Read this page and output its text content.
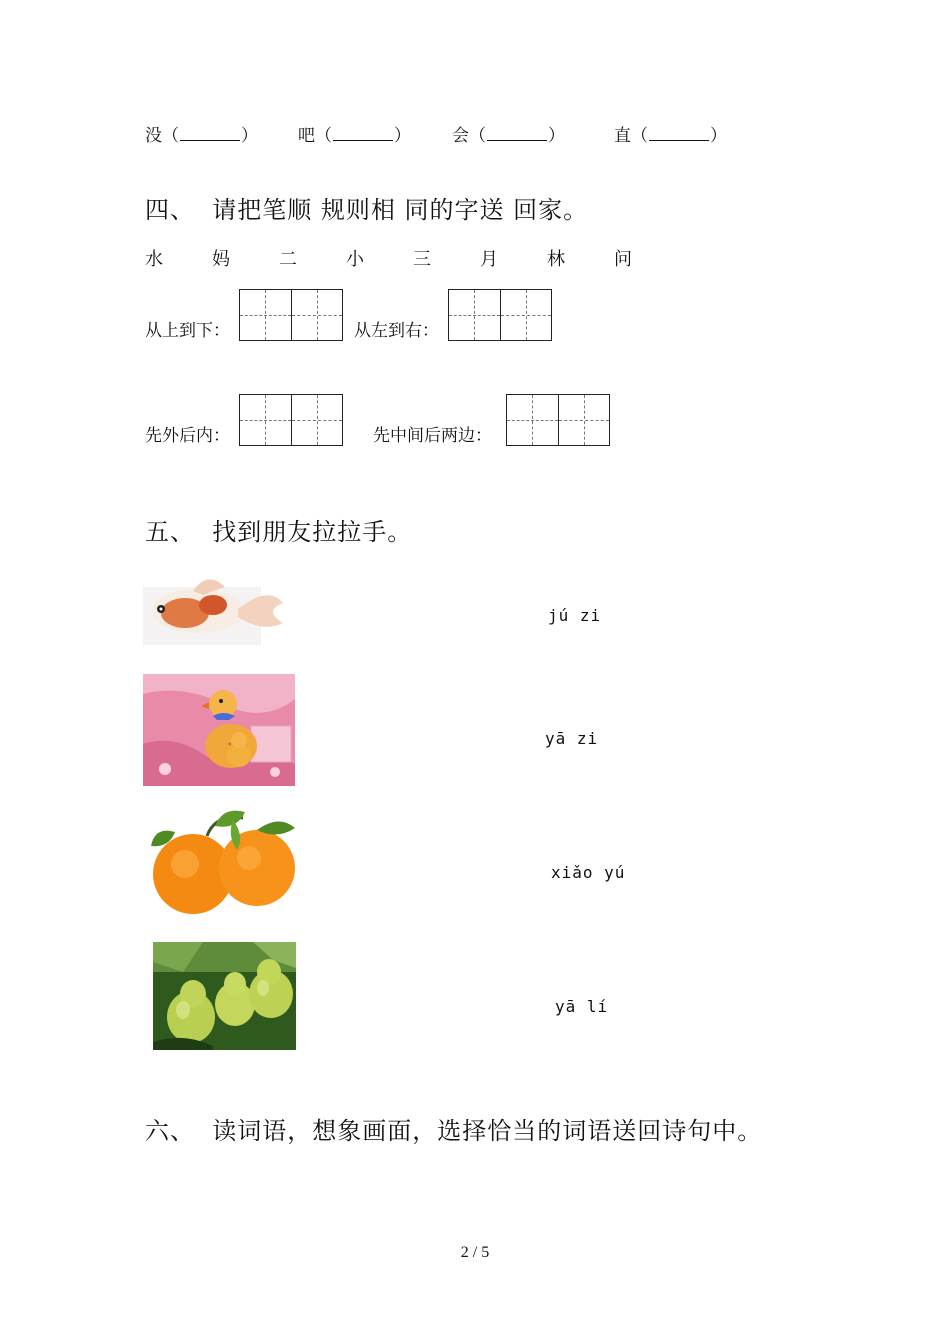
没（	） 吧（	） 会（	）	直（	）
四、 请把笔顺 规则相 同的字送 回家。
水	妈	二	小	三	月	林	问
从上到下：	从左到右：
先外后内：	先中间后两边：
五、 找到朋友拉拉手。
jú zi
yā zi
xiǎo yú
yā lí
六、 读词语，想象画面，选择恰当的词语送回诗句中。
2 / 5
